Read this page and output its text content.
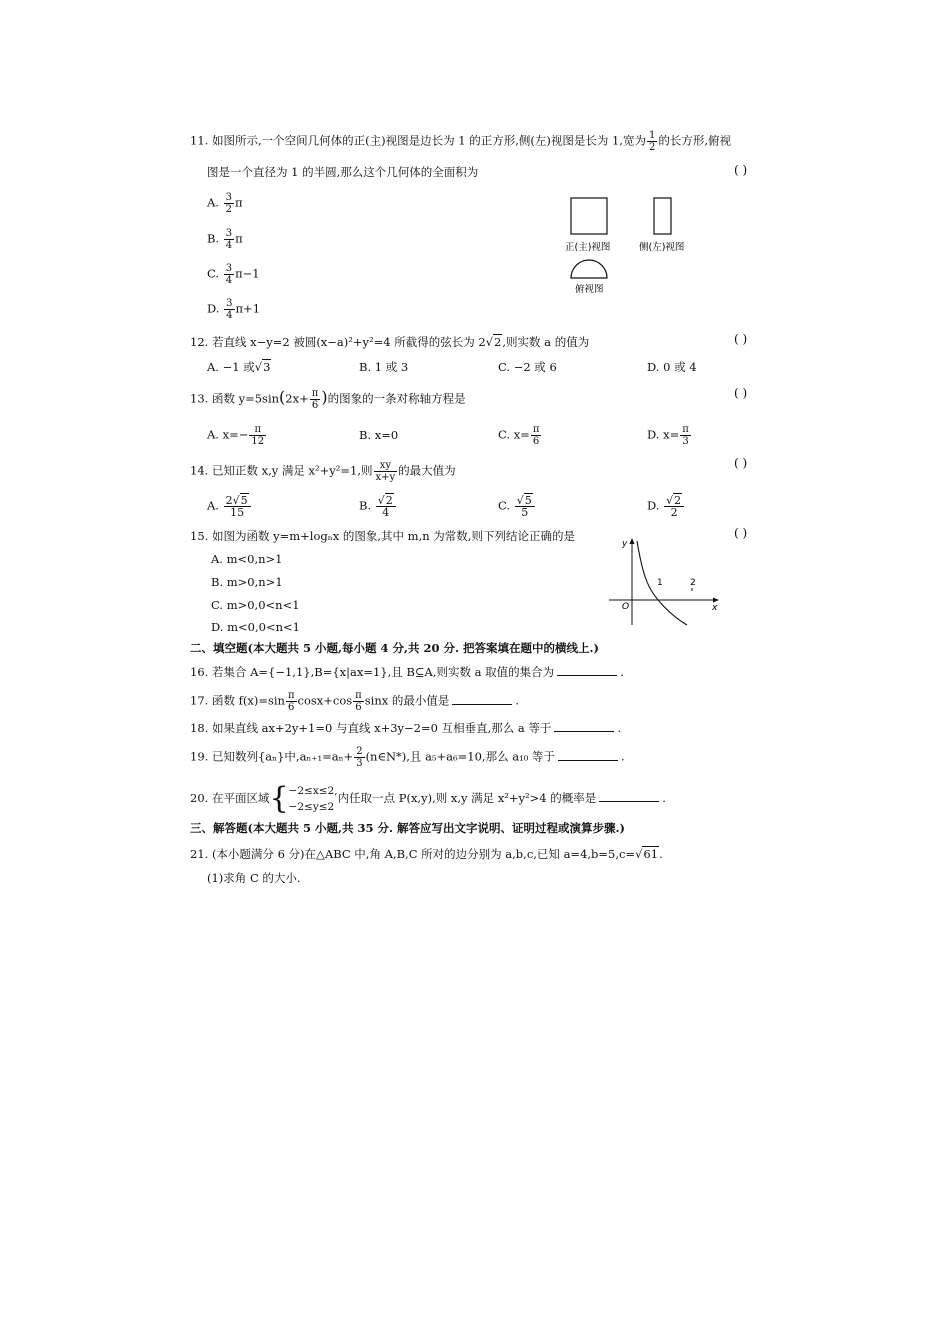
11. 如图所示,一个空间几何体的正(主)视图是边长为 1 的正方形,侧(左)视图是长为 1,宽为 $\frac{1}{2}$ 的长方形,俯视
图是一个直径为 1 的半圆,那么这个几何体的全面积为	( )
A. $\frac{3}{2}$ π
B. $\frac{3}{4}$ π
C. $\frac{3}{4} \pi-1$
D. $\frac{3}{4} \pi+1$
正(主)视图	侧(左)视图
俯视图
12. 若直线 x−y=2 被圆(x−a)²+y²=4 所截得的弦长为 2√2,则实数 a 的值为	( )
A. −1 或√3	B. 1 或 3	C. −2 或 6	D. 0 或 4
13. 函数 $y=5\sin(2x+ \frac{\pi}{6}$ )的图象的一条对称轴方程是	( )
A. $x=- \frac{\pi}{12}$	B. x=0	C. $x= \frac{\pi}{6}$	D. $x= \frac{\pi}{3}$
14. 已知正数 x,y 满足 x²+y²=1,则 $\frac{xy}{x+y}$ 的最大值为
( )
A. $\frac{2√5}{15}$	B. $\frac{√2}{4}$	C. $\frac{√5}{5}$	D. $\frac{√2}{2}$
15. 如图为函数 y=m+logₙx 的图象,其中 m,n 为常数,则下列结论正确的是	( )
A. m<0,n>1
B. m>0,n>1
C. m>0,0<n<1
D. m<0,0<n<1
y
x
O
1	2
二、填空题(本大题共 5 小题,每小题 4 分,共 20 分. 把答案填在题中的横线上.)
16. 若集合 A={−1,1},B={x|ax=1},且 B⊆A,则实数 a 取值的集合为	.
17. 函数 $f(x)=\sin \frac{\pi}{6} \cos x+\cos \frac{\pi}{6}$ sinx 的最小值是	.
18. 如果直线 ax+2y+1=0 与直线 x+3y−2=0 互相垂直,那么 a 等于	.
19. 已知数列{aₙ}中$,a_{n+1}=a_n+ \frac{2}{3}$ (n∈N*),且 a₅+a₆=10,那么 a₁₀ 等于	.
20. 在平面区域{ −2≤x≤2,
−2≤y≤2
内任取一点 P(x,y),则 x,y 满足 x²+y²>4 的概率是	.
三、解答题(本大题共 5 小题,共 35 分. 解答应写出文字说明、证明过程或演算步骤.)
21. (本小题满分 6 分)在△ABC 中,角 A,B,C 所对的边分别为 a,b,c,已知 a=4,b=5,c=√61.
(1)求角 C 的大小.
